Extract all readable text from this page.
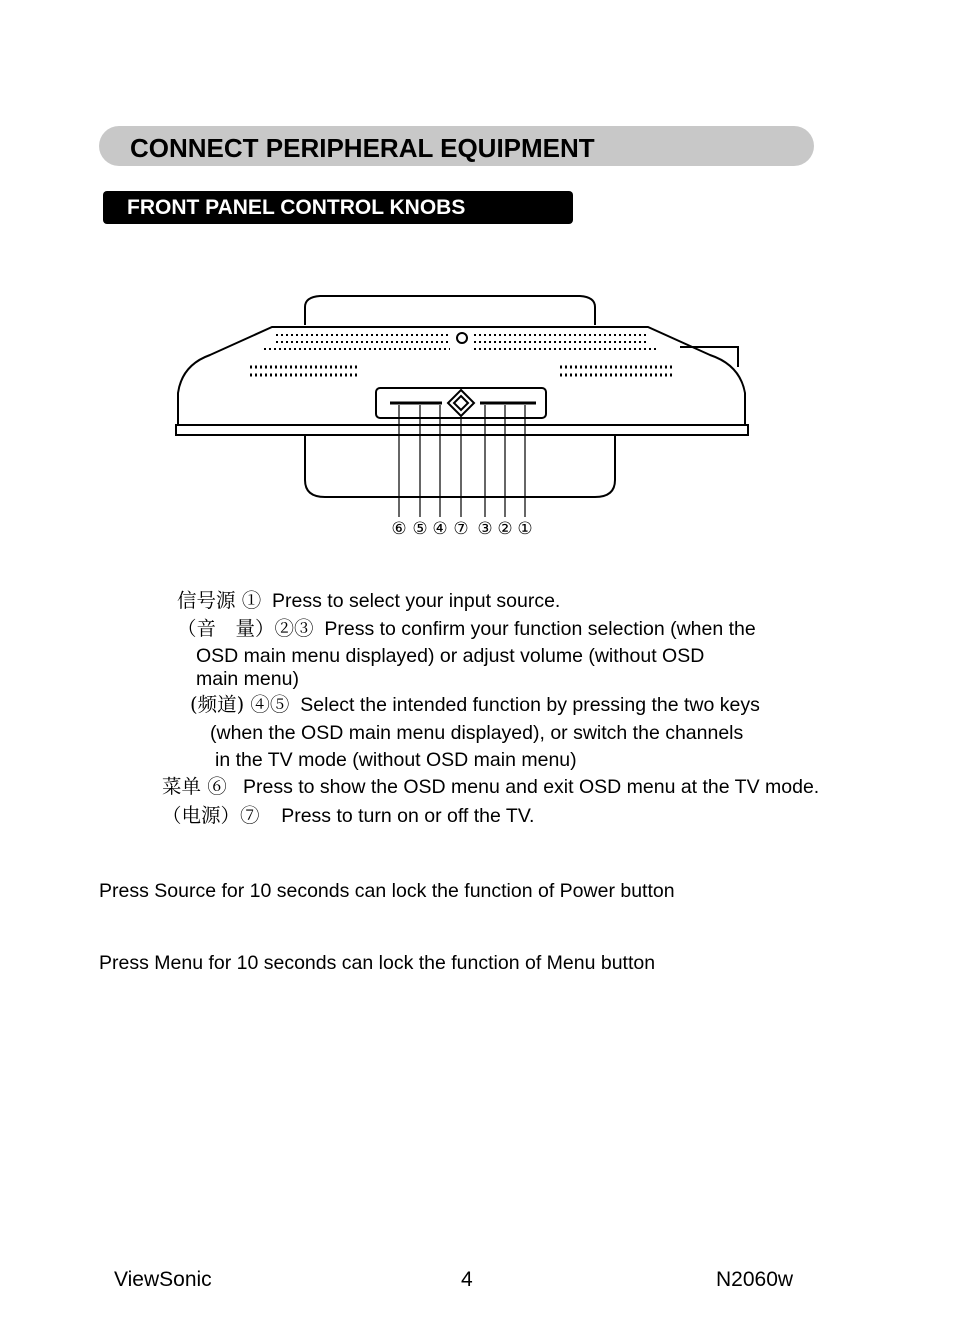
CONNECT PERIPHERAL EQUIPMENT
FRONT PANEL CONTROL KNOBS
⑥ ⑤ ④ ⑦ ③ ② ①
信号源 ① Press to select your input source.
（音　量）②③ Press to confirm your function selection (when the
OSD main menu displayed) or adjust volume (without OSD
main menu)
(频道) ④⑤ Select the intended function by pressing the two keys
(when the OSD main menu displayed), or switch the channels
in the TV mode (without OSD main menu)
菜单 ⑥ Press to show the OSD menu and exit OSD menu at the TV mode.
（电源）⑦ Press to turn on or off the TV.
Press Source for 10 seconds can lock the function of Power button
Press Menu for 10 seconds can lock the function of Menu button
ViewSonic	4	N2060w
